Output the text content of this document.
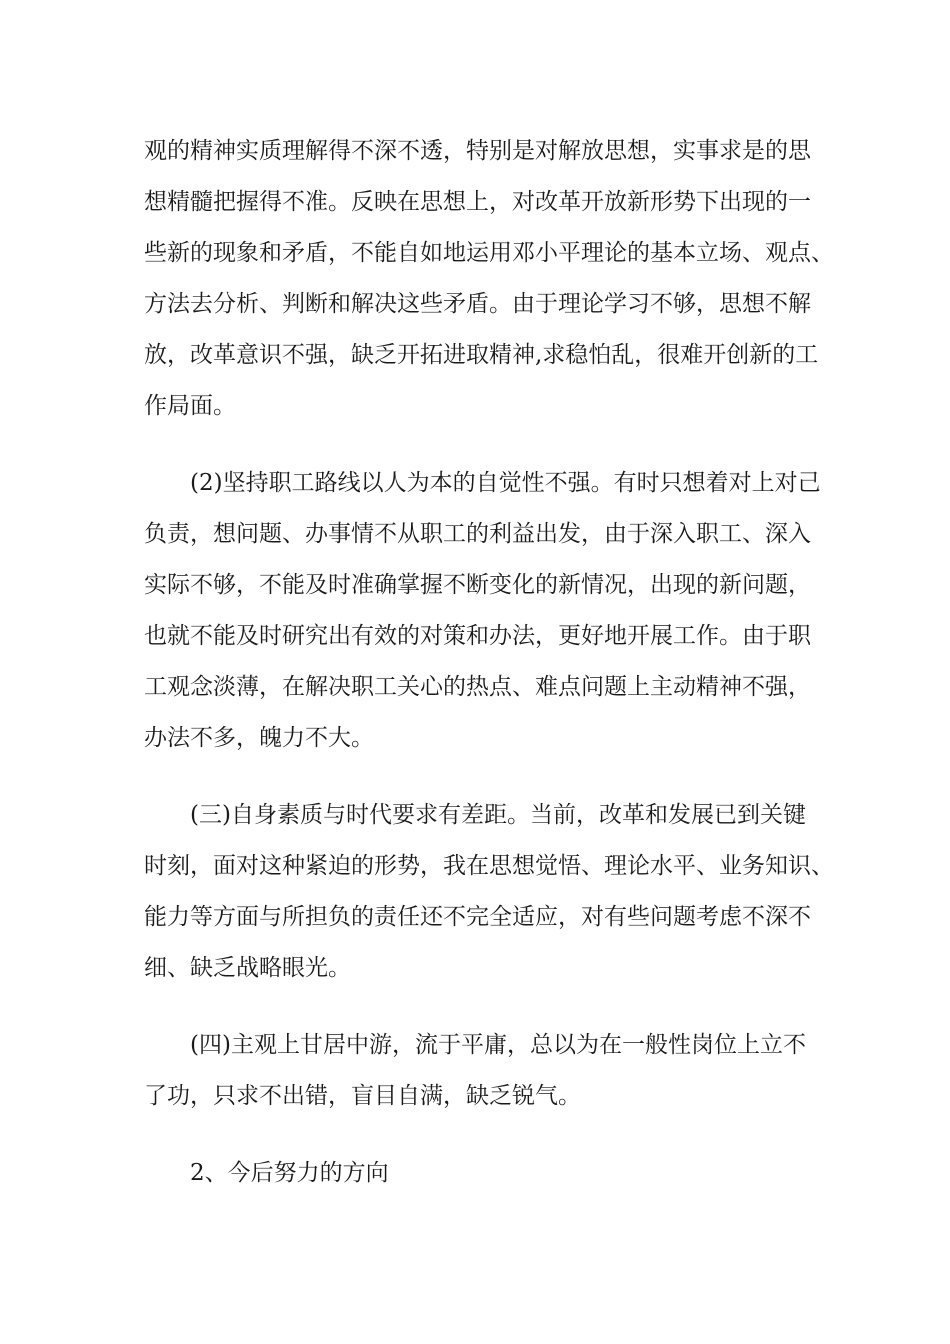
观的精神实质理解得不深不透，特别是对解放思想，实事求是的思
想精髓把握得不准。反映在思想上，对改革开放新形势下出现的一
些新的现象和矛盾，不能自如地运用邓小平理论的基本立场、观点、
方法去分析、判断和解决这些矛盾。由于理论学习不够，思想不解
放，改革意识不强，缺乏开拓进取精神,求稳怕乱，很难开创新的工
作局面。

(2)坚持职工路线以人为本的自觉性不强。有时只想着对上对己
负责，想问题、办事情不从职工的利益出发，由于深入职工、深入
实际不够，不能及时准确掌握不断变化的新情况，出现的新问题，
也就不能及时研究出有效的对策和办法，更好地开展工作。由于职
工观念淡薄，在解决职工关心的热点、难点问题上主动精神不强，
办法不多，魄力不大。

(三)自身素质与时代要求有差距。当前，改革和发展已到关键
时刻，面对这种紧迫的形势，我在思想觉悟、理论水平、业务知识、
能力等方面与所担负的责任还不完全适应，对有些问题考虑不深不
细、缺乏战略眼光。

(四)主观上甘居中游，流于平庸，总以为在一般性岗位上立不
了功，只求不出错，盲目自满，缺乏锐气。

2、今后努力的方向
